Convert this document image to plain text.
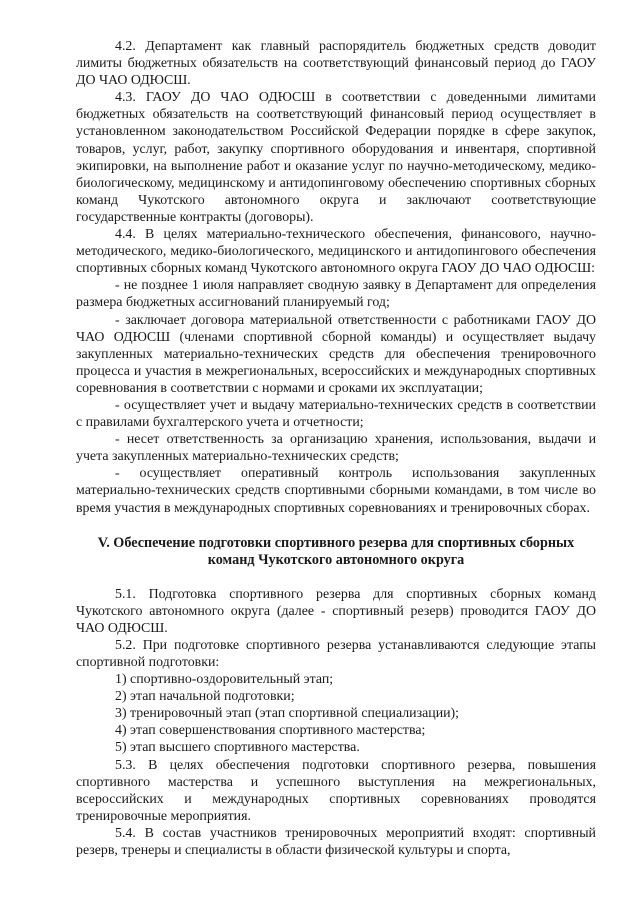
4.2. Департамент как главный распорядитель бюджетных средств доводит лимиты бюджетных обязательств на соответствующий финансовый период до ГАОУ ДО ЧАО ОДЮСШ.

4.3. ГАОУ ДО ЧАО ОДЮСШ в соответствии с доведенными лимитами бюджетных обязательств на соответствующий финансовый период осуществляет в установленном законодательством Российской Федерации порядке в сфере закупок, товаров, услуг, работ, закупку спортивного оборудования и инвентаря, спортивной экипировки, на выполнение работ и оказание услуг по научно-методическому, медико-биологическому, медицинскому и антидопинговому обеспечению спортивных сборных команд Чукотского автономного округа и заключают соответствующие государственные контракты (договоры).

4.4. В целях материально-технического обеспечения, финансового, научно-методического, медико-биологического, медицинского и антидопингового обеспечения спортивных сборных команд Чукотского автономного округа ГАОУ ДО ЧАО ОДЮСШ:

- не позднее 1 июля направляет сводную заявку в Департамент для определения размера бюджетных ассигнований планируемый год;

- заключает договора материальной ответственности с работниками ГАОУ ДО ЧАО ОДЮСШ (членами спортивной сборной команды) и осуществляет выдачу закупленных материально-технических средств для обеспечения тренировочного процесса и участия в межрегиональных, всероссийских и международных спортивных соревнования в соответствии с нормами и сроками их эксплуатации;

- осуществляет учет и выдачу материально-технических средств в соответствии с правилами бухгалтерского учета и отчетности;

- несет ответственность за организацию хранения, использования, выдачи и учета закупленных материально-технических средств;

- осуществляет оперативный контроль использования закупленных материально-технических средств спортивными сборными командами, в том числе во время участия в международных спортивных соревнованиях и тренировочных сборах.

V. Обеспечение подготовки спортивного резерва для спортивных сборных команд Чукотского автономного округа

5.1. Подготовка спортивного резерва для спортивных сборных команд Чукотского автономного округа (далее - спортивный резерв) проводится ГАОУ ДО ЧАО ОДЮСШ.

5.2. При подготовке спортивного резерва устанавливаются следующие этапы спортивной подготовки:

1) спортивно-оздоровительный этап;

2) этап начальной подготовки;

3) тренировочный этап (этап спортивной специализации);

4) этап совершенствования спортивного мастерства;

5) этап высшего спортивного мастерства.

5.3. В целях обеспечения подготовки спортивного резерва, повышения спортивного мастерства и успешного выступления на межрегиональных, всероссийских и международных спортивных соревнованиях проводятся тренировочные мероприятия.

5.4. В состав участников тренировочных мероприятий входят: спортивный резерв, тренеры и специалисты в области физической культуры и спорта,
